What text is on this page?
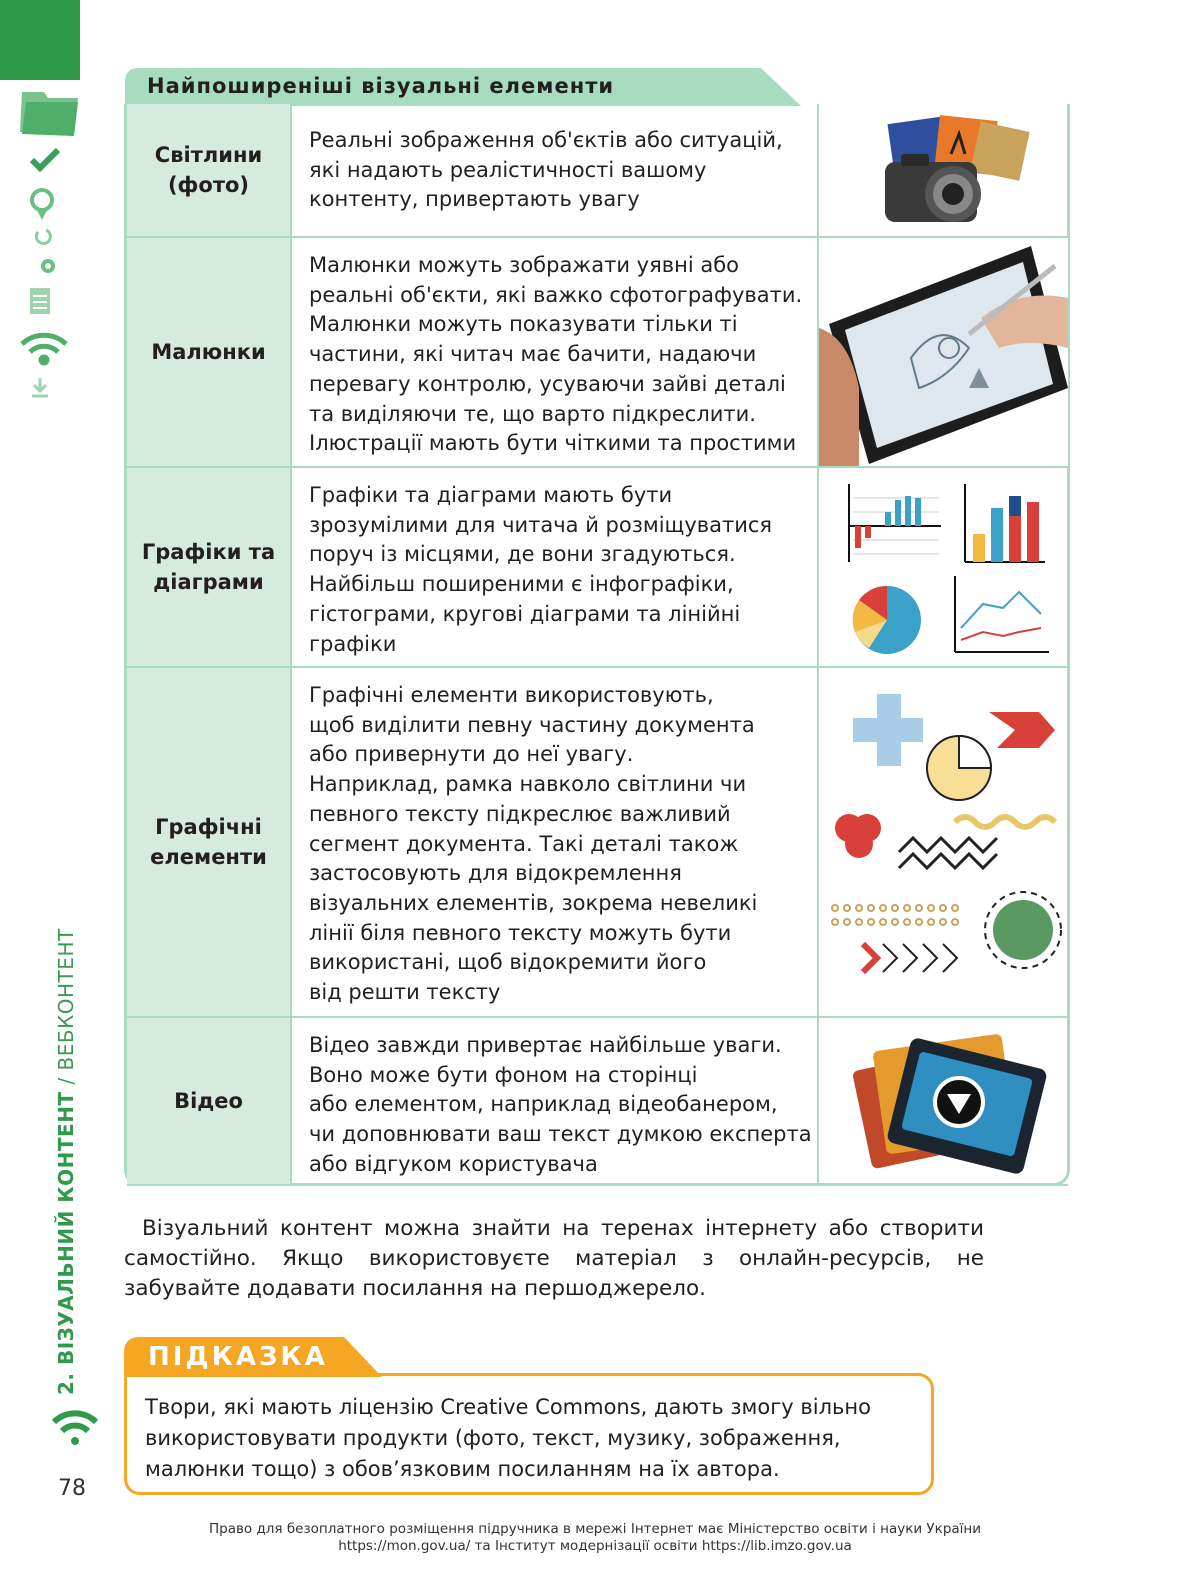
2. ВІЗУАЛЬНИЙ КОНТЕНТ / ВЕБКОНТЕНТ
78
Найпоширеніші візуальні елементи
Світлини
(фото)
Реальні зображення об'єктів або ситуацій,
які надають реалістичності вашому
контенту, привертають увагу
Малюнки
Малюнки можуть зображати уявні або
реальні об'єкти, які важко сфотографувати.
Малюнки можуть показувати тільки ті
частини, які читач має бачити, надаючи
перевагу контролю, усуваючи зайві деталі
та виділяючи те, що варто підкреслити.
Ілюстрації мають бути чіткими та простими
Графіки та
діаграми
Графіки та діаграми мають бути
зрозумілими для читача й розміщуватися
поруч із місцями, де вони згадуються.
Найбільш поширеними є інфографіки,
гістограми, кругові діаграми та лінійні
графіки
Графічні
елементи
Графічні елементи використовують,
щоб виділити певну частину документа
або привернути до неї увагу.
Наприклад, рамка навколо світлини чи
певного тексту підкреслює важливий
сегмент документа. Такі деталі також
застосовують для відокремлення
візуальних елементів, зокрема невеликі
лінії біля певного тексту можуть бути
використані, щоб відокремити його
від решти тексту
Відео
Відео завжди привертає найбільше уваги.
Воно може бути фоном на сторінці
або елементом, наприклад відеобанером,
чи доповнювати ваш текст думкою експерта
або відгуком користувача
Візуальний контент можна знайти на теренах інтернету або створити самостійно. Якщо використовуєте матеріал з онлайн-ресурсів, не забувайте додавати посилання на першоджерело.
ПІДКАЗКА
Твори, які мають ліцензію Creative Commons, дають змогу вільно
використовувати продукти (фото, текст, музику, зображення,
малюнки тощо) з обов’язковим посиланням на їх автора.
Право для безоплатного розміщення підручника в мережі Інтернет має Міністерство освіти і науки України
https://mon.gov.ua/ та Інститут модернізації освіти https://lib.imzo.gov.ua
